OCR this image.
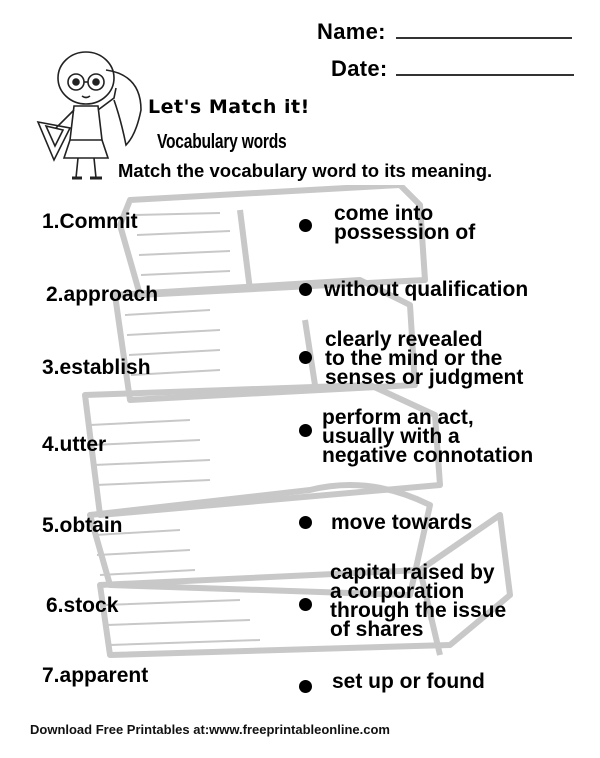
Name:
Date:
Let's Match it!
Vocabulary words
Match the vocabulary word to its meaning.
1.Commit
2.approach
3.establish
4.utter
5.obtain
6.stock
7.apparent
come into
possession of
without qualification
clearly revealed
to the mind or the
senses or judgment
perform an act,
usually with a
negative connotation
move towards
capital raised by
a corporation
through the issue
of shares
set up or found
Download Free Printables at:www.freeprintableonline.com
